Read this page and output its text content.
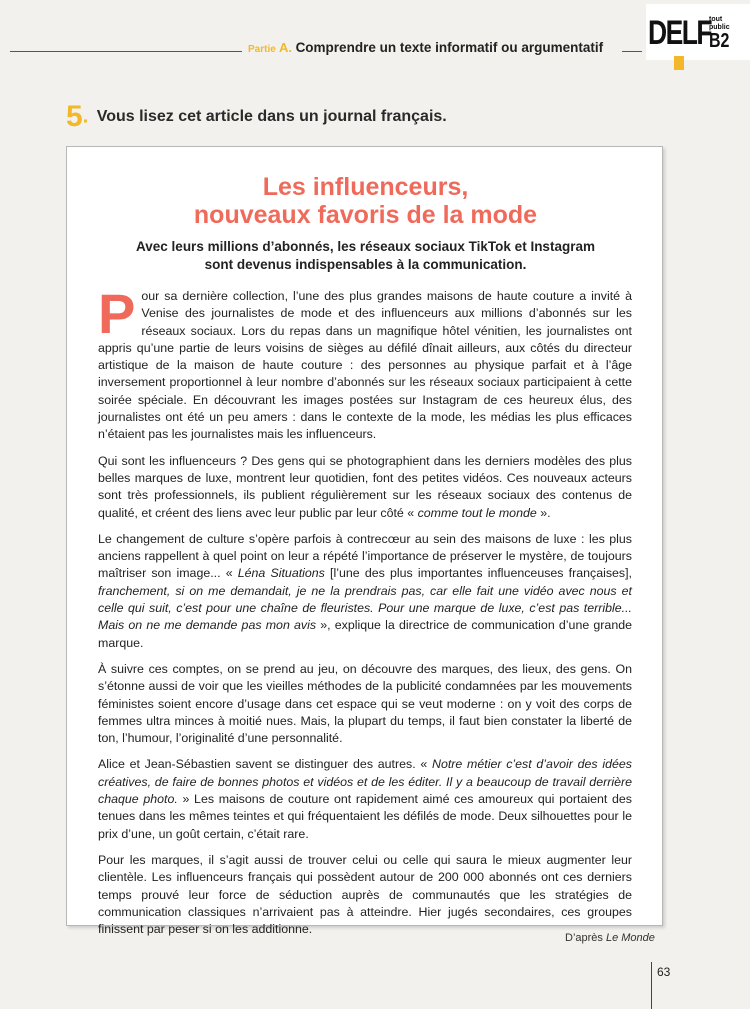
Partie A. Comprendre un texte informatif ou argumentatif DELF
tout
public
B2
5. Vous lisez cet article dans un journal français.
Les influenceurs,
nouveaux favoris de la mode
Avec leurs millions d’abonnés, les réseaux sociaux TikTok et Instagram
sont devenus indispensables à la communication.

Pour sa dernière collection, l’une des plus grandes maisons de haute couture a invité à Venise des journalistes de mode et des influenceurs aux millions d’abonnés sur les réseaux sociaux. Lors du repas dans un magnifique hôtel vénitien, les journalistes ont appris qu’une partie de leurs voisins de sièges au défilé dînait ailleurs, aux côtés du directeur artistique de la maison de haute couture : des personnes au physique parfait et à l’âge inversement proportionnel à leur nombre d’abonnés sur les réseaux sociaux participaient à cette soirée spéciale. En découvrant les images postées sur Instagram de ces heureux élus, des journalistes ont été un peu amers : dans le contexte de la mode, les médias les plus efficaces n’étaient pas les journalistes mais les influenceurs.

Qui sont les influenceurs ? Des gens qui se photographient dans les derniers modèles des plus belles marques de luxe, montrent leur quotidien, font des petites vidéos. Ces nouveaux acteurs sont très professionnels, ils publient régulièrement sur les réseaux sociaux des contenus de qualité, et créent des liens avec leur public par leur côté « comme tout le monde ».

Le changement de culture s’opère parfois à contrecœur au sein des maisons de luxe : les plus anciens rappellent à quel point on leur a répété l’importance de préserver le mystère, de toujours maîtriser son image... « Léna Situations [l’une des plus importantes influenceuses françaises], franchement, si on me demandait, je ne la prendrais pas, car elle fait une vidéo avec nous et celle qui suit, c’est pour une chaîne de fleuristes. Pour une marque de luxe, c’est pas terrible... Mais on ne me demande pas mon avis », explique la directrice de communication d’une grande marque.

À suivre ces comptes, on se prend au jeu, on découvre des marques, des lieux, des gens. On s’étonne aussi de voir que les vieilles méthodes de la publicité condamnées par les mouvements féministes soient encore d’usage dans cet espace qui se veut moderne : on y voit des corps de femmes ultra minces à moitié nues. Mais, la plupart du temps, il faut bien constater la liberté de ton, l’humour, l’originalité d’une personnalité.

Alice et Jean-Sébastien savent se distinguer des autres. « Notre métier c’est d’avoir des idées créatives, de faire de bonnes photos et vidéos et de les éditer. Il y a beaucoup de travail derrière chaque photo. » Les maisons de couture ont rapidement aimé ces amoureux qui portaient des tenues dans les mêmes teintes et qui fréquentaient les défilés de mode. Deux silhouettes pour le prix d’une, un goût certain, c’était rare.

Pour les marques, il s’agit aussi de trouver celui ou celle qui saura le mieux augmenter leur clientèle. Les influenceurs français qui possèdent autour de 200 000 abonnés ont ces derniers temps prouvé leur force de séduction auprès de communautés que les stratégies de communication classiques n’arrivaient pas à atteindre. Hier jugés secondaires, ces groupes finissent par peser si on les additionne.

D’après Le Monde
63
